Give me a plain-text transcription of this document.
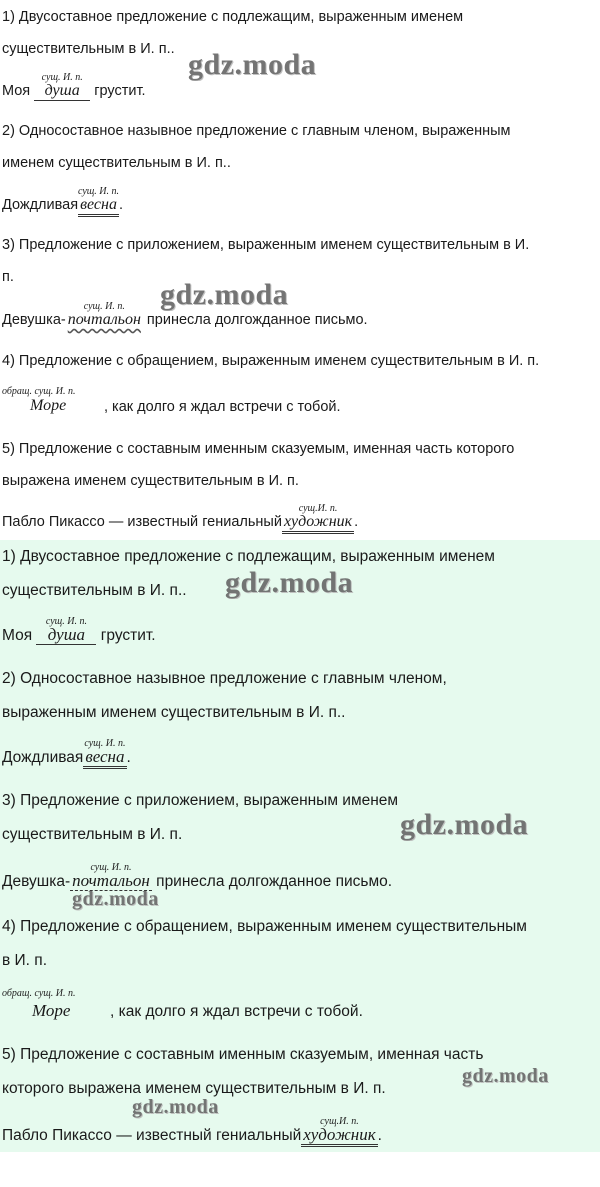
1) Двусоставное предложение с подлежащим, выраженным именем
существительным в И. п..
Моя
сущ. И. п.
душа грустит.
2) Односоставное назывное предложение с главным членом, выраженным
именем существительным в И. п..
Дождливая
сущ. И. п.
весна .
3) Предложение с приложением, выраженным именем существительным в И.
п.
Девушка-
сущ. И. п.
почтальон принесла долгожданное письмо.
4) Предложение с обращением, выраженным именем существительным в И. п.
обращ. сущ. И. п.
Море	, как долго я ждал встречи с тобой.
5) Предложение с составным именным сказуемым, именная часть которого
выражена именем существительным в И. п.
Пабло Пикассо — известный гениальный
сущ.И. п.
художник .
gdz.moda
gdz.moda
1) Двусоставное предложение с подлежащим, выраженным именем
существительным в И. п..
Моя
сущ. И. п.
душа грустит.
2) Односоставное назывное предложение с главным членом,
выраженным именем существительным в И. п..
Дождливая
сущ. И. п.
весна .
3) Предложение с приложением, выраженным именем
существительным в И. п.
Девушка-
сущ. И. п.
почтальон принесла долгожданное письмо.
4) Предложение с обращением, выраженным именем существительным
в И. п.
обращ. сущ. И. п.
Море	, как долго я ждал встречи с тобой.
5) Предложение с составным именным сказуемым, именная часть
которого выражена именем существительным в И. п.
Пабло Пикассо — известный гениальный
сущ.И. п.
художник .
gdz.moda
gdz.moda
gdz.moda
gdz.moda
gdz.moda
